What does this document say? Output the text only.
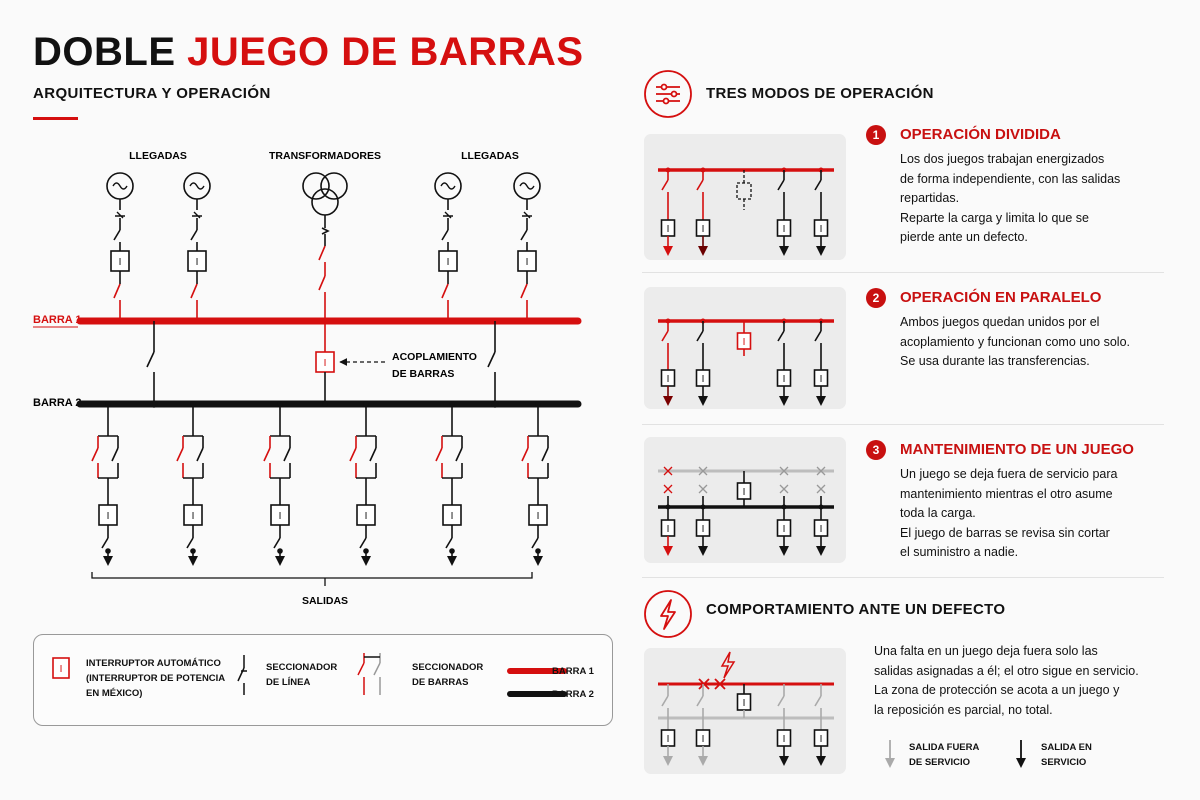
DOBLE JUEGO DE BARRAS
ARQUITECTURA Y OPERACIÓN
LLEGADAS	TRANSFORMADORES	LLEGADAS
I	I	I	I
BARRA 1
BARRA 2
I
ACOPLAMIENTO
DE BARRAS
I	I	I	I	I	I
SALIDAS
I
INTERRUPTOR AUTOMÁTICO
(INTERRUPTOR DE POTENCIA
EN MÉXICO)
SECCIONADOR
DE LÍNEA
SECCIONADOR
DE BARRAS
BARRA 1
BARRA 2
TRES MODOS DE OPERACIÓN
I	I	I	I
I	I	I	I
I
I	I	I	I
I
I	I	I	I
I
1	OPERACIÓN DIVIDIDA
Los dos juegos trabajan energizados
de forma independiente, con las salidas
repartidas.
Reparte la carga y limita lo que se
pierde ante un defecto.
2	OPERACIÓN EN PARALELO
Ambos juegos quedan unidos por el
acoplamiento y funcionan como uno solo.
Se usa durante las transferencias.
3	MANTENIMIENTO DE UN JUEGO
Un juego se deja fuera de servicio para
mantenimiento mientras el otro asume
toda la carga.
El juego de barras se revisa sin cortar
el suministro a nadie.
COMPORTAMIENTO ANTE UN DEFECTO
Una falta en un juego deja fuera solo las
salidas asignadas a él; el otro sigue en servicio.
La zona de protección se acota a un juego y
la reposición es parcial, no total.
SALIDA FUERA
DE SERVICIO
SALIDA EN
SERVICIO
